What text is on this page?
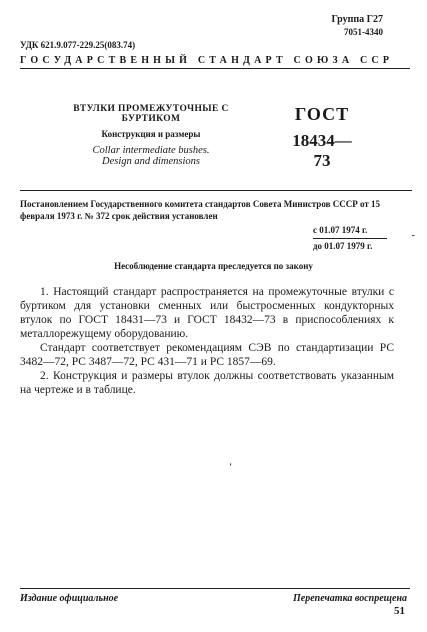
Группа Г27
7051-4340
УДК 621.9.077-229.25(083.74)
ГОСУДАРСТВЕННЫЙ СТАНДАРТ СОЮЗА ССР
ВТУЛКИ ПРОМЕЖУТОЧНЫЕ С БУРТИКОМ
Конструкция и размеры
Collar intermediate bushes.
Design and dimensions
ГОСТ
18434—73
Постановлением Государственного комитета стандартов Совета Министров СССР от 15 февраля 1973 г. № 372 срок действия установлен
с 01.07 1974 г.
до 01.07 1979 г.
-
Несоблюдение стандарта преследуется по закону

1. Настоящий стандарт распространяется на промежуточные втулки с буртиком для установки сменных или быстросменных кондукторных втулок по ГОСТ 18431—73 и ГОСТ 18432—73 в приспособлениях к металлорежущему оборудованию.

Стандарт соответствует рекомендациям СЭВ по стандартизации РС 3482—72, РС 3487—72, РС 431—71 и РС 1857—69.

2. Конструкция и размеры втулок должны соответствовать указанным на чертеже и в таблице.

ʻ
Издание официальное	Перепечатка воспрещена
51
